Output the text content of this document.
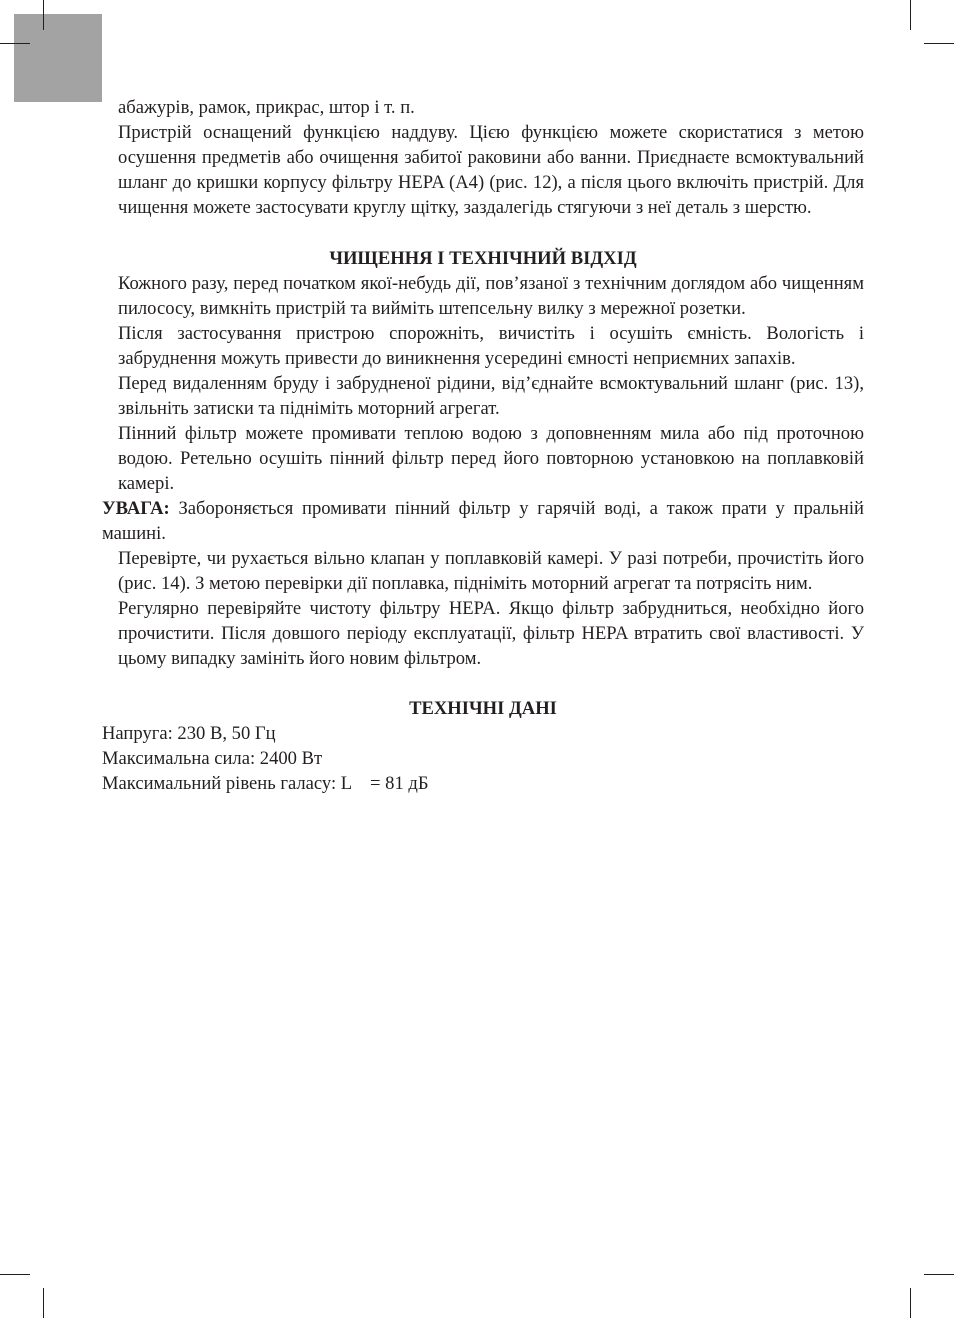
абажурів, рамок, прикрас, штор і т. п.

Пристрій оснащений функцією наддуву. Цією функцією можете скористатися з метою осушення предметів або очищення забитої раковини або ванни. Приєднаєте всмоктувальний шланг до кришки корпусу фільтру HEPA (A4) (рис. 12), а після цього включіть пристрій. Для чищення можете застосувати круглу щітку, заздалегідь стягуючи з неї деталь з шерстю.

ЧИЩЕННЯ І ТЕХНІЧНИЙ ВІДХІД

Кожного разу, перед початком якої-небудь дії, пов’язаної з технічним доглядом або чищенням пилососу, вимкніть пристрій та вийміть штепсельну вилку з мережної розетки.

Після застосування пристрою спорожніть, вичистіть і осушіть ємність. Вологість і забруднення можуть привести до виникнення усередині ємності неприємних запахів.

Перед видаленням бруду і забрудненої рідини, від’єднайте всмоктувальний шланг (рис. 13), звільніть затиски та підніміть моторний агрегат.

Пінний фільтр можете промивати теплою водою з доповненням мила або під проточною водою. Ретельно осушіть пінний фільтр перед його повторною установкою на поплавковій камері.

УВАГА: Забороняється промивати пінний фільтр у гарячій воді, а також прати у пральній машині.

Перевірте, чи рухається вільно клапан у поплавковій камері. У разі потреби, прочистіть його (рис. 14). З метою перевірки дії поплавка, підніміть моторний агрегат та потрясіть ним.

Регулярно перевіряйте чистоту фільтру HEPA. Якщо фільтр забрудниться, необхідно його прочистити. Після довшого періоду експлуатації, фільтр HEPA втратить свої властивості. У цьому випадку замініть його новим фільтром.

ТЕХНІЧНІ ДАНІ

Напруга: 230 В, 50 Гц

Максимальна сила: 2400 Вт

Максимальний рівень галасу: L    = 81 дБ
